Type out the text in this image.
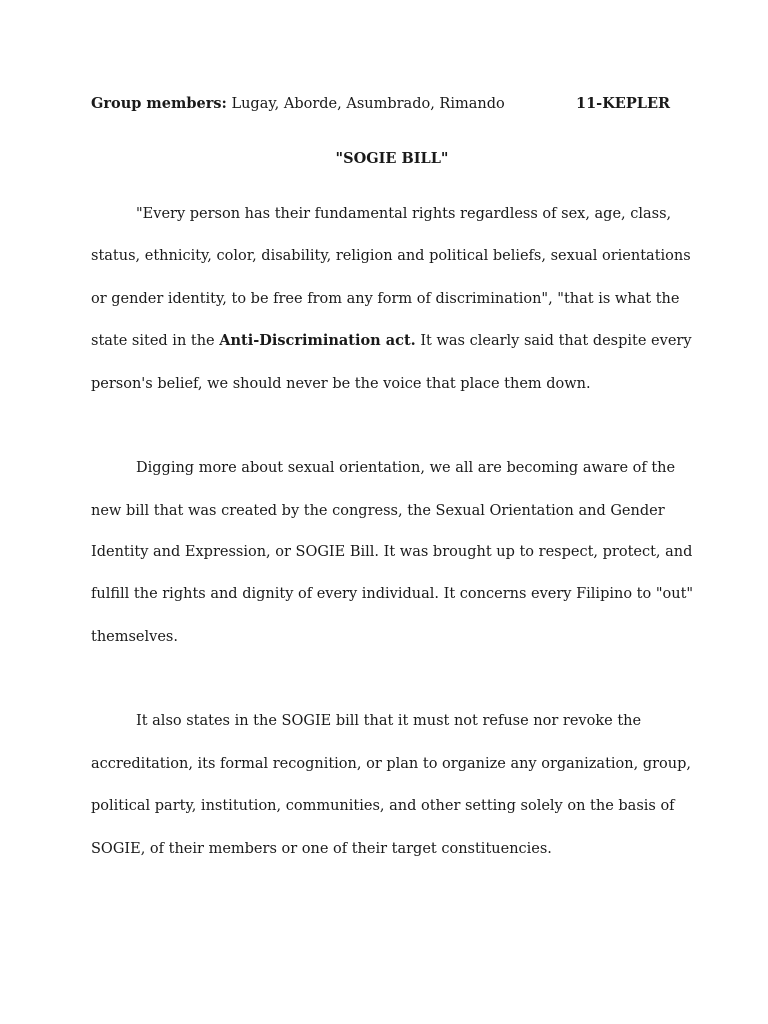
Group members: Lugay, Aborde, Asumbrado, Rimando	11-KEPLER
"SOGIE BILL"
"Every person has their fundamental rights regardless of sex, age, class,
status, ethnicity, color, disability, religion and political beliefs, sexual orientations
or gender identity, to be free from any form of discrimination", "that is what the
state sited in the Anti-Discrimination act. It was clearly said that despite every
person's belief, we should never be the voice that place them down.
Digging more about sexual orientation, we all are becoming aware of the
new bill that was created by the congress, the Sexual Orientation and Gender
Identity and Expression, or SOGIE Bill. It was brought up to respect, protect, and
fulfill the rights and dignity of every individual. It concerns every Filipino to "out"
themselves.
It also states in the SOGIE bill that it must not refuse nor revoke the
accreditation, its formal recognition, or plan to organize any organization, group,
political party, institution, communities, and other setting solely on the basis of
SOGIE, of their members or one of their target constituencies.
